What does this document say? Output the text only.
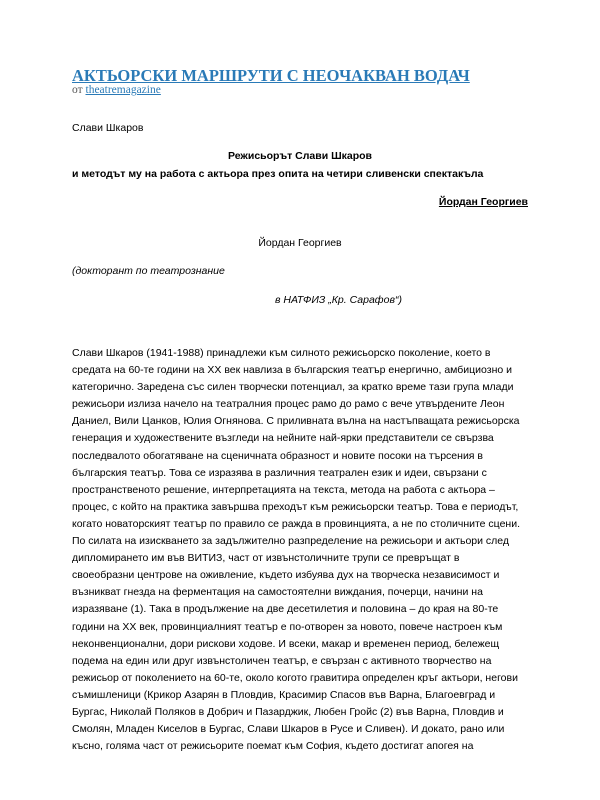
АКТЬОРСКИ МАРШРУТИ С НЕОЧАКВАН ВОДАЧ
от theatremagazine
Слави Шкаров
Режисьорът Слави Шкаров
и методът му на работа с актьора през опита на четири сливенски спектакъла
Йордан Георгиев
Йордан Георгиев
(докторант по театрознание
в НАТФИЗ „Кр. Сарафов“)
Слави Шкаров (1941-1988) принадлежи към силното режисьорско поколение, което в
средата на 60-те години на ХХ век навлиза в българския театър енергично, амбициозно и
категорично. Заредена със силен творчески потенциал, за кратко време тази група млади
режисьори излиза начело на театралния процес рамо до рамо с вече утвърдените Леон
Даниел, Вили Цанков, Юлия Огнянова. С приливната вълна на настъпващата режисьорска
генерация и художествените възгледи на нейните най-ярки представители се свързва
последвалото обогатяване на сценичната образност и новите посоки на търсения в
българския театър. Това се изразява в различния театрален език и идеи, свързани с
пространственото решение, интерпретацията на текста, метода на работа с актьора –
процес, с който на практика завършва преходът към режисьорски театър. Това е периодът,
когато новаторският театър по правило се ражда в провинцията, а не по столичните сцени.
По силата на изискването за задължително разпределение на режисьори и актьори след
дипломирането им във ВИТИЗ, част от извънстоличните трупи се превръщат в
своеобразни центрове на оживление, където избуява дух на творческа независимост и
възникват гнезда на ферментация на самостоятелни виждания, почерци, начини на
изразяване (1). Така в продължение на две десетилетия и половина – до края на 80-те
години на ХХ век, провинциалният театър е по-отворен за новото, повече настроен към
неконвенционални, дори рискови ходове. И всеки, макар и временен период, бележещ
подема на един или друг извънстоличен театър, е свързан с активното творчество на
режисьор от поколението на 60-те, около когото гравитира определен кръг актьори, негови
съмишленици (Крикор Азарян в Пловдив, Красимир Спасов във Варна, Благоевград и
Бургас, Николай Поляков в Добрич и Пазарджик, Любен Гройс (2) във Варна, Пловдив и
Смолян, Младен Киселов в Бургас, Слави Шкаров в Русе и Сливен). И докато, рано или
късно, голяма част от режисьорите поемат към София, където достигат апогея на
